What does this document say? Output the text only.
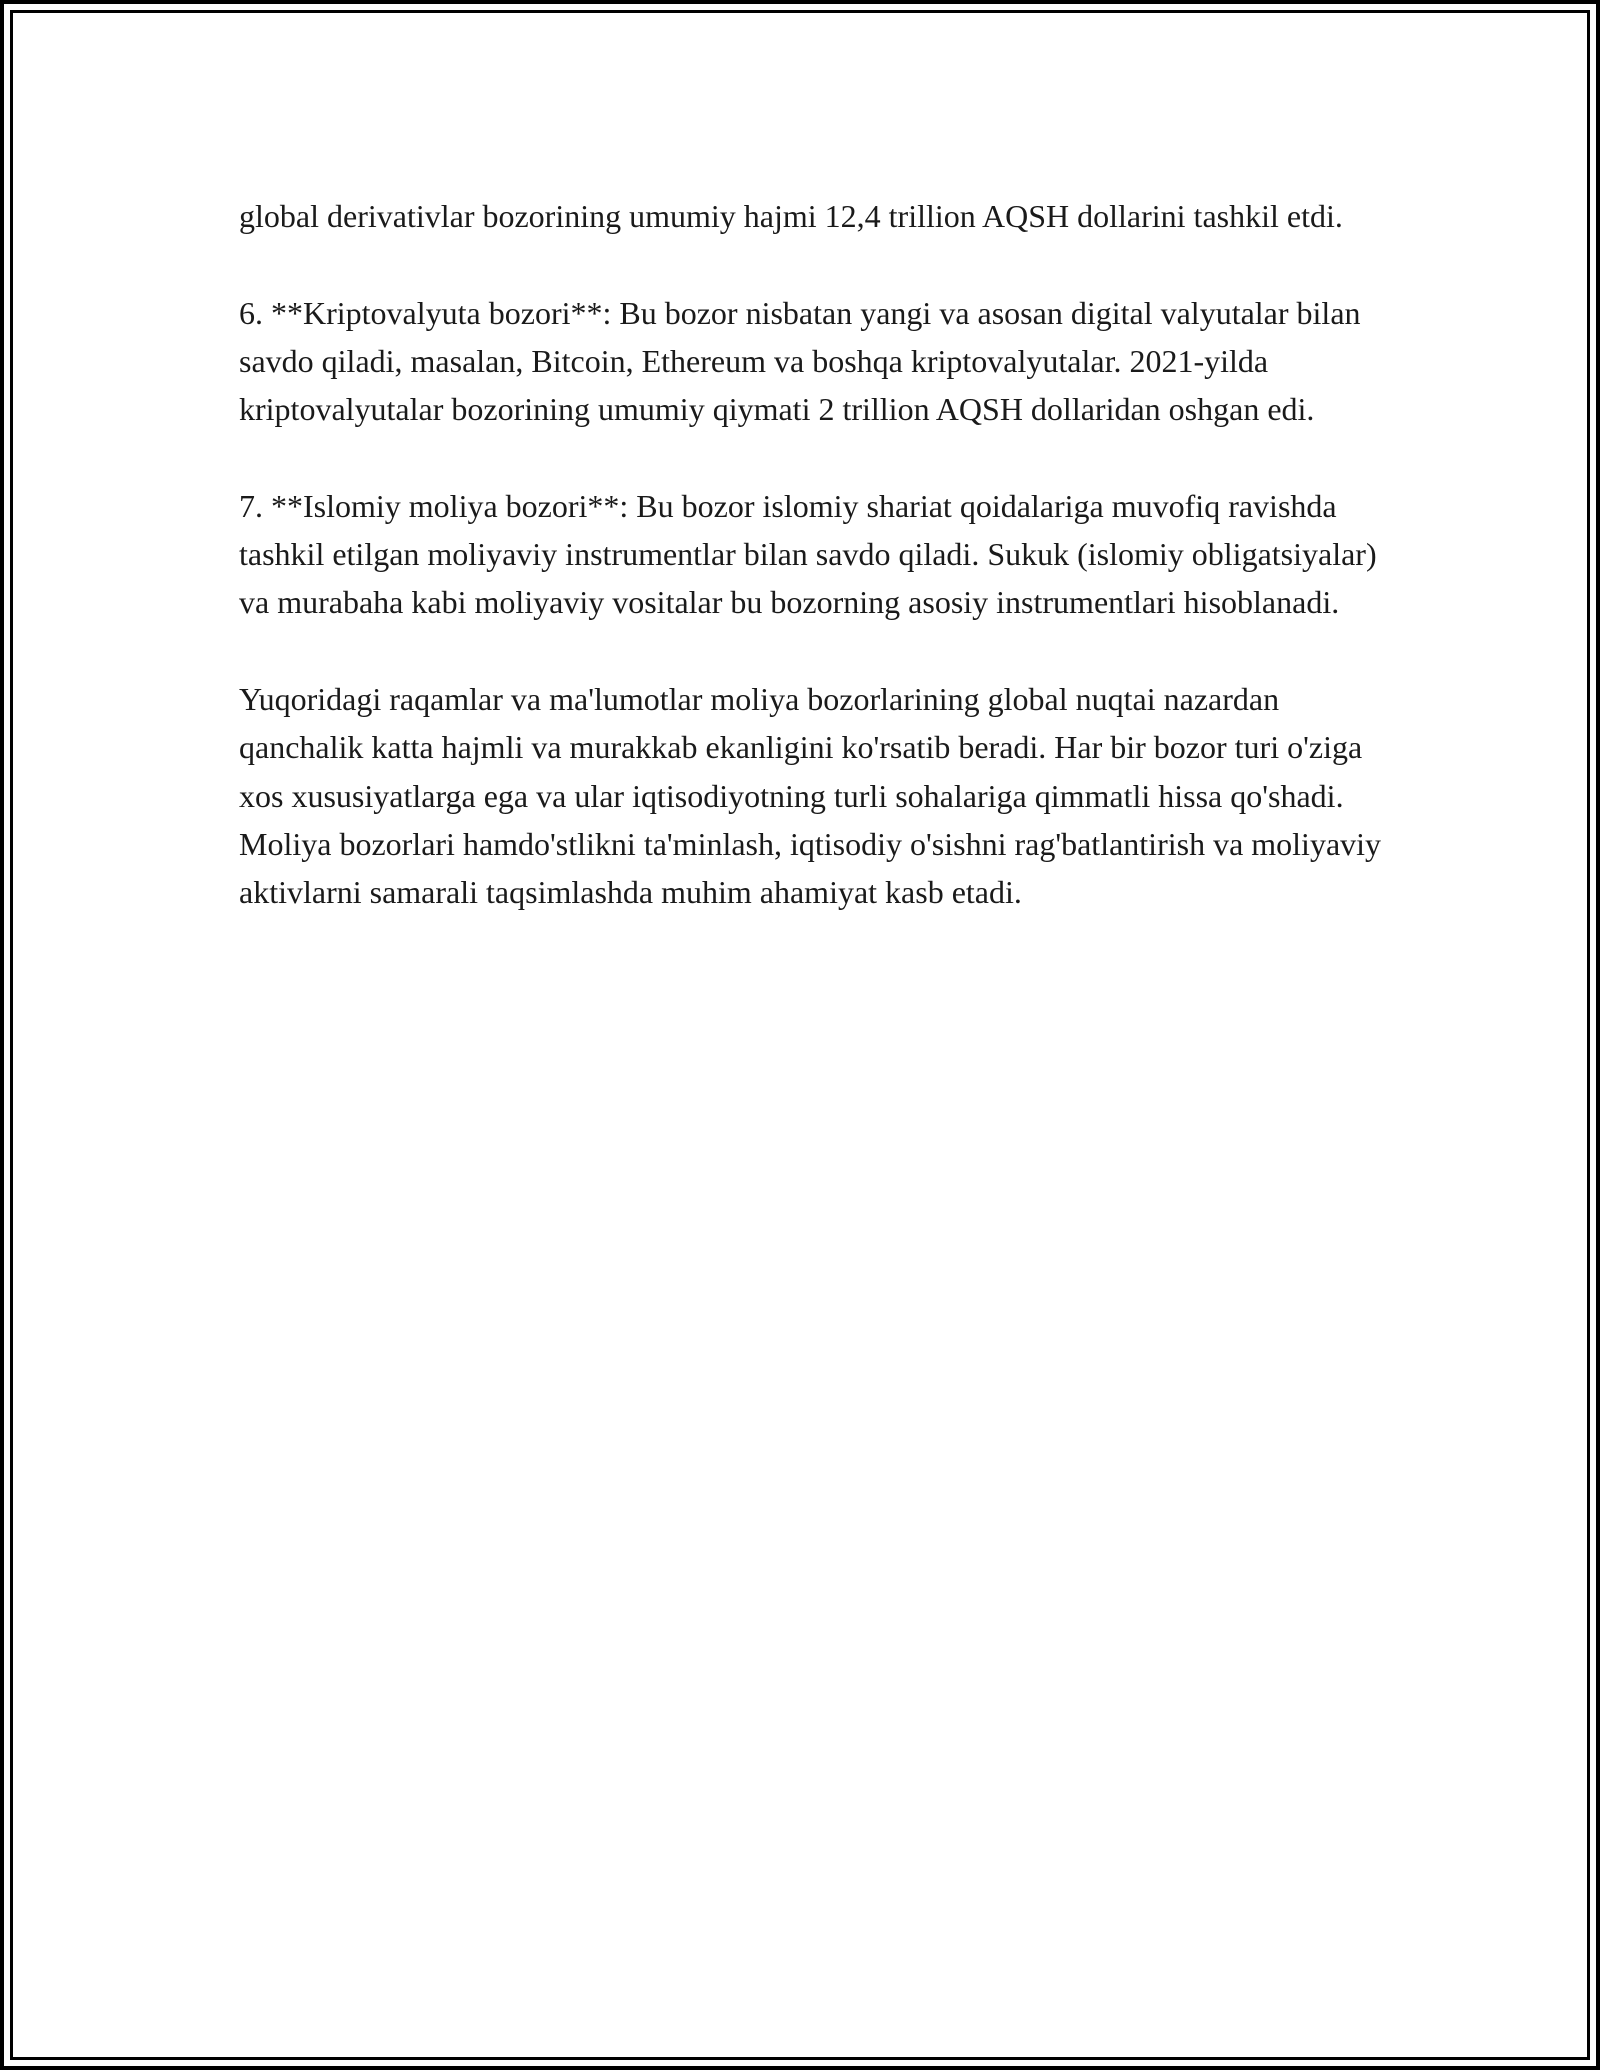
global derivativlar bozorining umumiy hajmi 12,4 trillion AQSH dollarini tashkil etdi.

6. **Kriptovalyuta bozori**: Bu bozor nisbatan yangi va asosan digital valyutalar bilan savdo qiladi, masalan, Bitcoin, Ethereum va boshqa kriptovalyutalar. 2021-yilda kriptovalyutalar bozorining umumiy qiymati 2 trillion AQSH dollaridan oshgan edi.

7. **Islomiy moliya bozori**: Bu bozor islomiy shariat qoidalariga muvofiq ravishda tashkil etilgan moliyaviy instrumentlar bilan savdo qiladi. Sukuk (islomiy obligatsiyalar) va murabaha kabi moliyaviy vositalar bu bozorning asosiy instrumentlari hisoblanadi.

Yuqoridagi raqamlar va ma'lumotlar moliya bozorlarining global nuqtai nazardan qanchalik katta hajmli va murakkab ekanligini ko'rsatib beradi. Har bir bozor turi o'ziga xos xususiyatlarga ega va ular iqtisodiyotning turli sohalariga qimmatli hissa qo'shadi. Moliya bozorlari hamdo'stlikni ta'minlash, iqtisodiy o'sishni rag'batlantirish va moliyaviy aktivlarni samarali taqsimlashda muhim ahamiyat kasb etadi.
